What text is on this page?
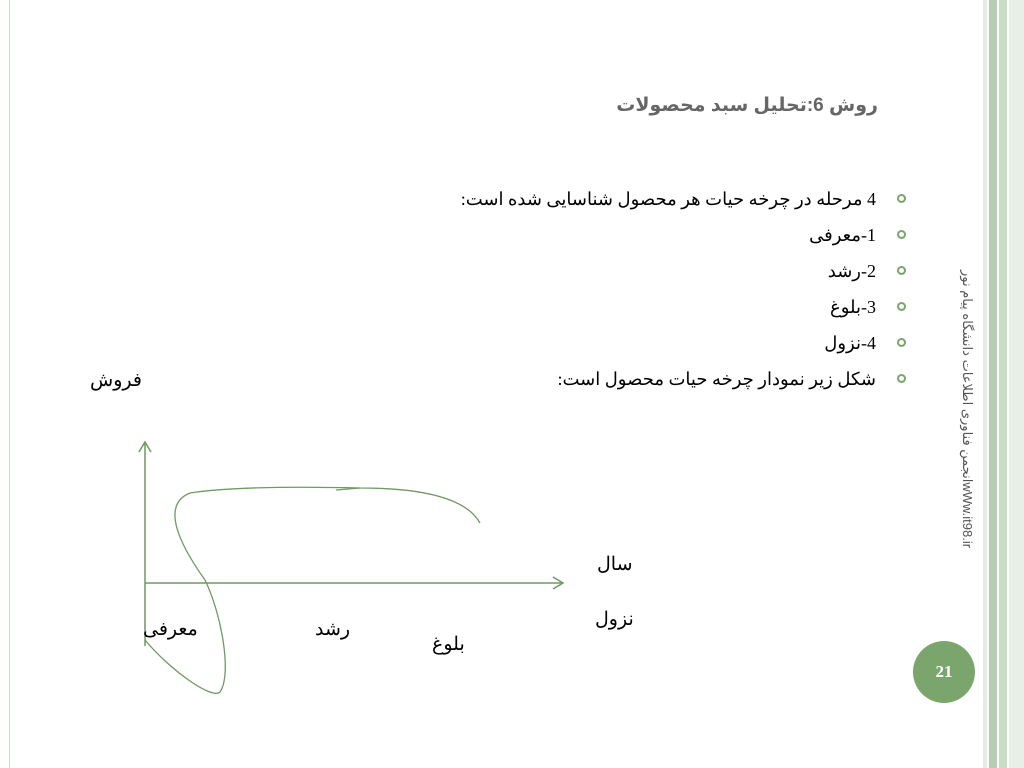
روش 6:تحلیل سبد محصولات
4 مرحله در چرخه حیات هر محصول شناسایی شده است:
1-معرفی
2-رشد
3-بلوغ
4-نزول
شکل زیر نمودار چرخه حیات محصول است:
فروش
سال
معرفی	رشد
بلوغ
نزول
wWw.it98.irانجمن فناوری اطلاعات دانشگاه پیام نور
21
